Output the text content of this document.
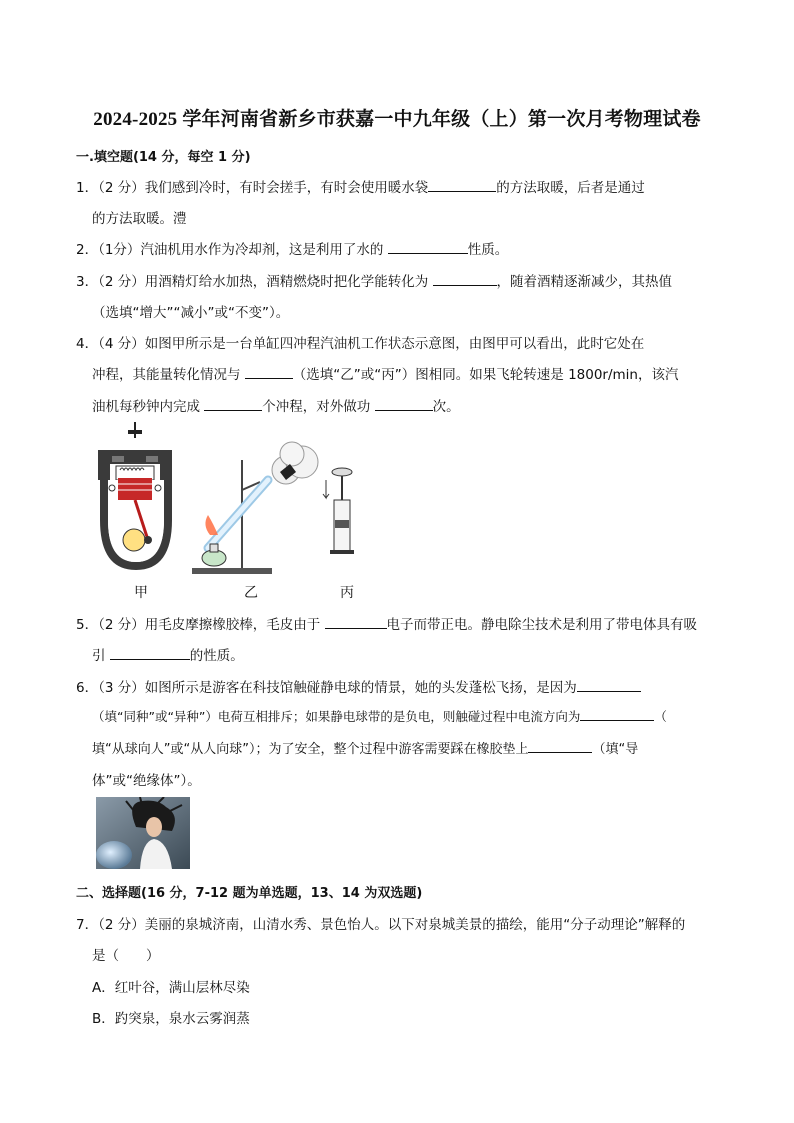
2024-2025 学年河南省新乡市获嘉一中九年级（上）第一次月考物理试卷
一.填空题(14 分，每空 1 分)
1．（2 分）我们感到冷时，有时会搓手，有时会使用暖水袋	的方法取暖，后者是通过
的方法取暖。澧
2．（1分）汽油机用水作为冷却剂，这是利用了水的	性质。
3．（2 分）用酒精灯给水加热，酒精燃烧时把化学能转化为	，随着酒精逐渐减少，其热值
（选填“增大”“减小”或“不变”）。
4．（4 分）如图甲所示是一台单缸四冲程汽油机工作状态示意图，由图甲可以看出，此时它处在
冲程，其能量转化情况与	（选填“乙”或“丙”）图相同。如果飞轮转速是 1800r/min，该汽
油机每秒钟内完成	个冲程，对外做功	次。
甲	乙	丙
5．（2 分）用毛皮摩擦橡胶棒，毛皮由于	电子而带正电。静电除尘技术是利用了带电体具有吸
引	的性质。
6．（3 分）如图所示是游客在科技馆触碰静电球的情景，她的头发蓬松飞扬，是因为
（填“同种”或“异种”）电荷互相排斥；如果静电球带的是负电，则触碰过程中电流方向为	（
填“从球向人”或“从人向球”）；为了安全，整个过程中游客需要踩在橡胶垫上	（填“导
体”或“绝缘体”）。
二、选择题(16 分，7-12 题为单选题，13、14 为双选题)
7．（2 分）美丽的泉城济南，山清水秀、景色怡人。以下对泉城美景的描绘，能用“分子动理论”解释的
是（　　）
A．红叶谷，满山层林尽染
B．趵突泉，泉水云雾润蒸
